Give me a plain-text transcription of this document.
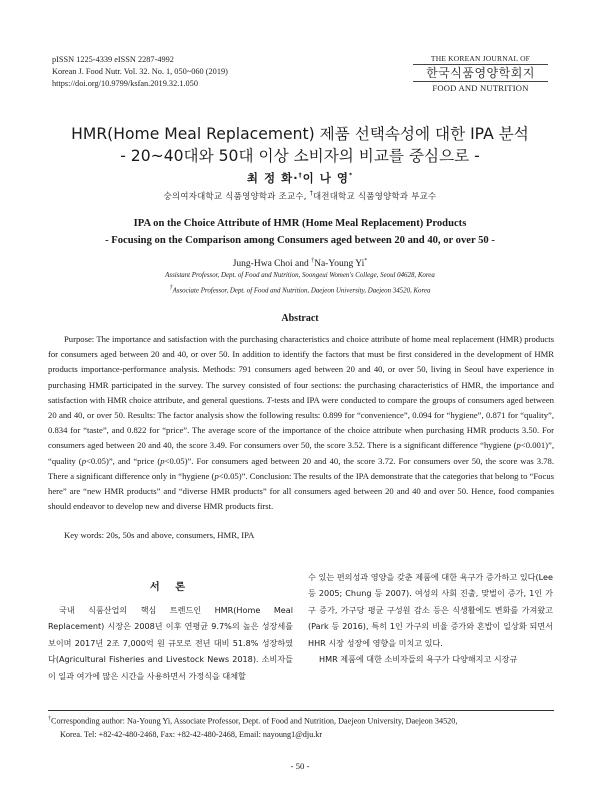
pISSN 1225-4339 eISSN 2287-4992
Korean J. Food Nutr. Vol. 32. No. 1, 050~060 (2019)
https://doi.org/10.9799/ksfan.2019.32.1.050
THE KOREAN JOURNAL OF
한국식품영양학회지
FOOD AND NUTRITION
HMR(Home Meal Replacement) 제품 선택속성에 대한 IPA 분석
- 20~40대와 50대 이상 소비자의 비교를 중심으로 -
최 정 화·†이 나 영*
숭의여자대학교 식품영양학과 조교수, †대전대학교 식품영양학과 부교수
IPA on the Choice Attribute of HMR (Home Meal Replacement) Products
- Focusing on the Comparison among Consumers aged between 20 and 40, or over 50 -
Jung-Hwa Choi and †Na-Young Yi*
Assistant Professor, Dept. of Food and Nutrition, Soongeui Women's College, Seoul 04628, Korea
†Associate Professor, Dept. of Food and Nutrition, Daejeon University, Daejeon 34520, Korea
Abstract

Purpose: The importance and satisfaction with the purchasing characteristics and choice attribute of home meal replacement (HMR) products for consumers aged between 20 and 40, or over 50. In addition to identify the factors that must be first considered in the development of HMR products importance-performance analysis. Methods: 791 consumers aged between 20 and 40, or over 50, living in Seoul have experience in purchasing HMR participated in the survey. The survey consisted of four sections: the purchasing characteristics of HMR, the importance and satisfaction with HMR choice attribute, and general questions. T-tests and IPA were conducted to compare the groups of consumers aged between 20 and 40, or over 50. Results: The factor analysis show the following results: 0.899 for “convenience”, 0.094 for “hygiene”, 0.871 for “quality”, 0.834 for “taste”, and 0.822 for “price”. The average score of the importance of the choice attribute when purchasing HMR products 3.50. For consumers aged between 20 and 40, the score 3.49. For consumers over 50, the score 3.52. There is a significant difference “hygiene (p<0.001)”, “quality (p<0.05)”, and “price (p<0.05)”. For consumers aged between 20 and 40, the score 3.72. For consumers over 50, the score was 3.78. There a significant difference only in “hygiene (p<0.05)”. Conclusion: The results of the IPA demonstrate that the categories that belong to “Focus here” are “new HMR products” and “diverse HMR products” for all consumers aged between 20 and 40 and over 50. Hence, food companies should endeavor to develop new and diverse HMR products first.

Key words: 20s, 50s and above, consumers, HMR, IPA
서 론

국내 식품산업의 핵심 트렌드인 HMR(Home Meal Replacement) 시장은 2008년 이후 연평균 9.7%의 높은 성장세를 보이며 2017년 2조 7,000억 원 규모로 전년 대비 51.8% 성장하였다(Agricultural Fisheries and Livestock News 2018). 소비자들이 일과 여가에 많은 시간을 사용하면서 가정식을 대체할

수 있는 편의성과 영양을 갖춘 제품에 대한 욕구가 증가하고 있다(Lee 등 2005; Chung 등 2007). 여성의 사회 진출, 맞벌이 증가, 1인 가구 증가, 가구당 평균 구성원 감소 등은 식생활에도 변화를 가져왔고(Park 등 2016), 특히 1인 가구의 비율 증가와 혼밥이 일상화 되면서 HHR 시장 성장에 영향을 미치고 있다.

HMR 제품에 대한 소비자들의 욕구가 다양해지고 시장규

†Corresponding author: Na-Young Yi, Associate Professor, Dept. of Food and Nutrition, Daejeon University, Daejeon 34520,
Korea. Tel: +82-42-480-2468, Fax: +82-42-480-2468, Email: nayoung1@dju.kr
- 50 -
